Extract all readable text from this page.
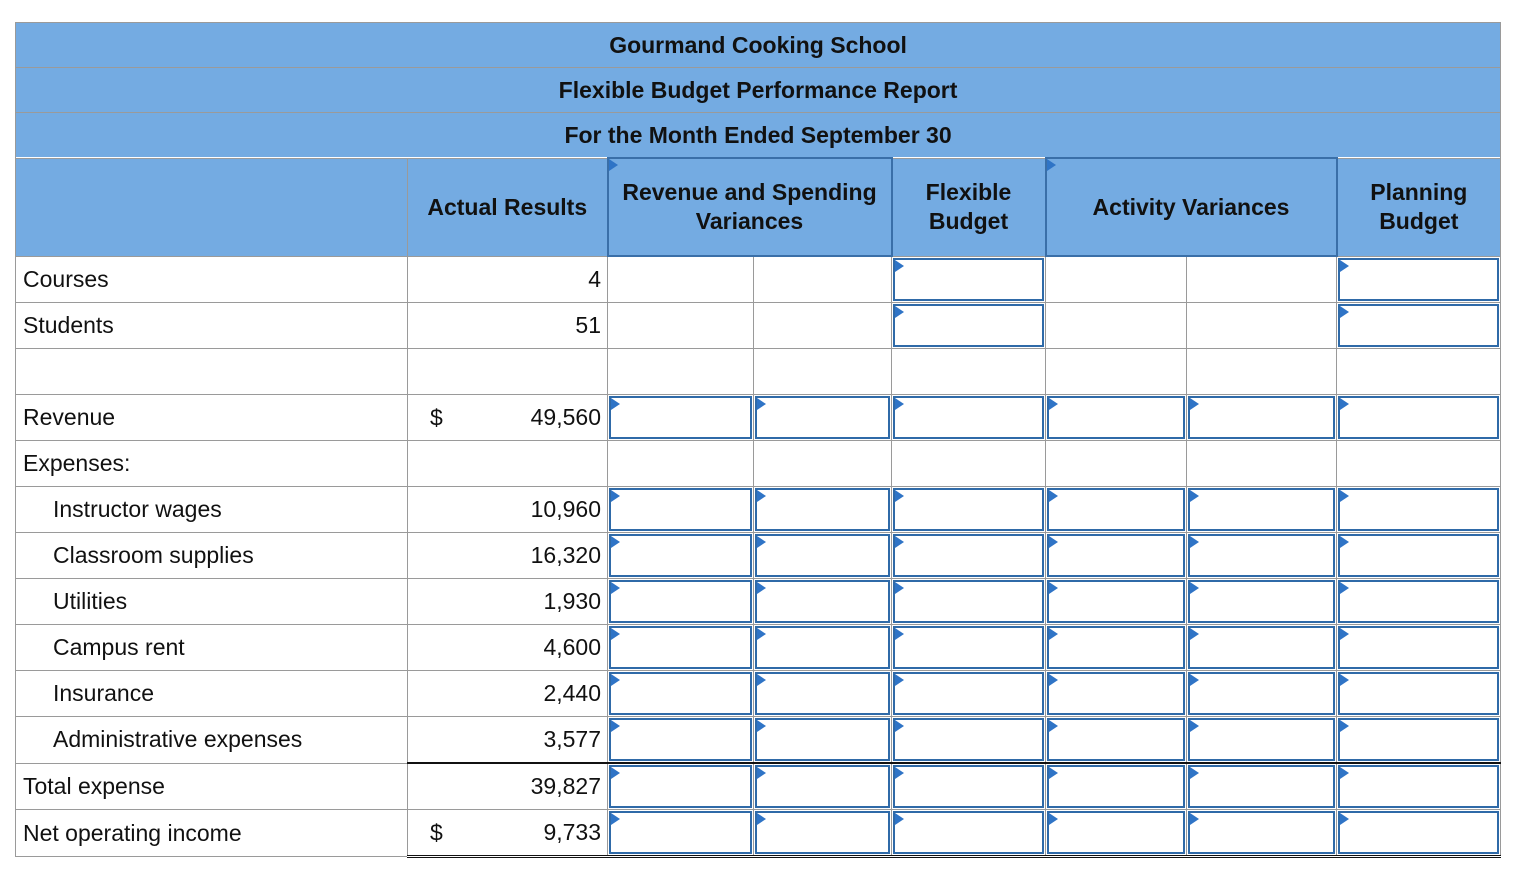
Gourmand Cooking School							
Flexible Budget Performance Report							
For the Month Ended September 30							
	Actual Results	Revenue and Spending Variances		Flexible Budget	Activity Variances		Planning Budget
Courses	4			

Students	51			

Revenue	$ 49,560	

Expenses:							
Instructor wages	10,960	

Classroom supplies	16,320	

Utilities	1,930	

Campus rent	4,600	

Insurance	2,440	

Administrative expenses	3,577	

Total expense	39,827	

Net operating income	$ 9,733	
